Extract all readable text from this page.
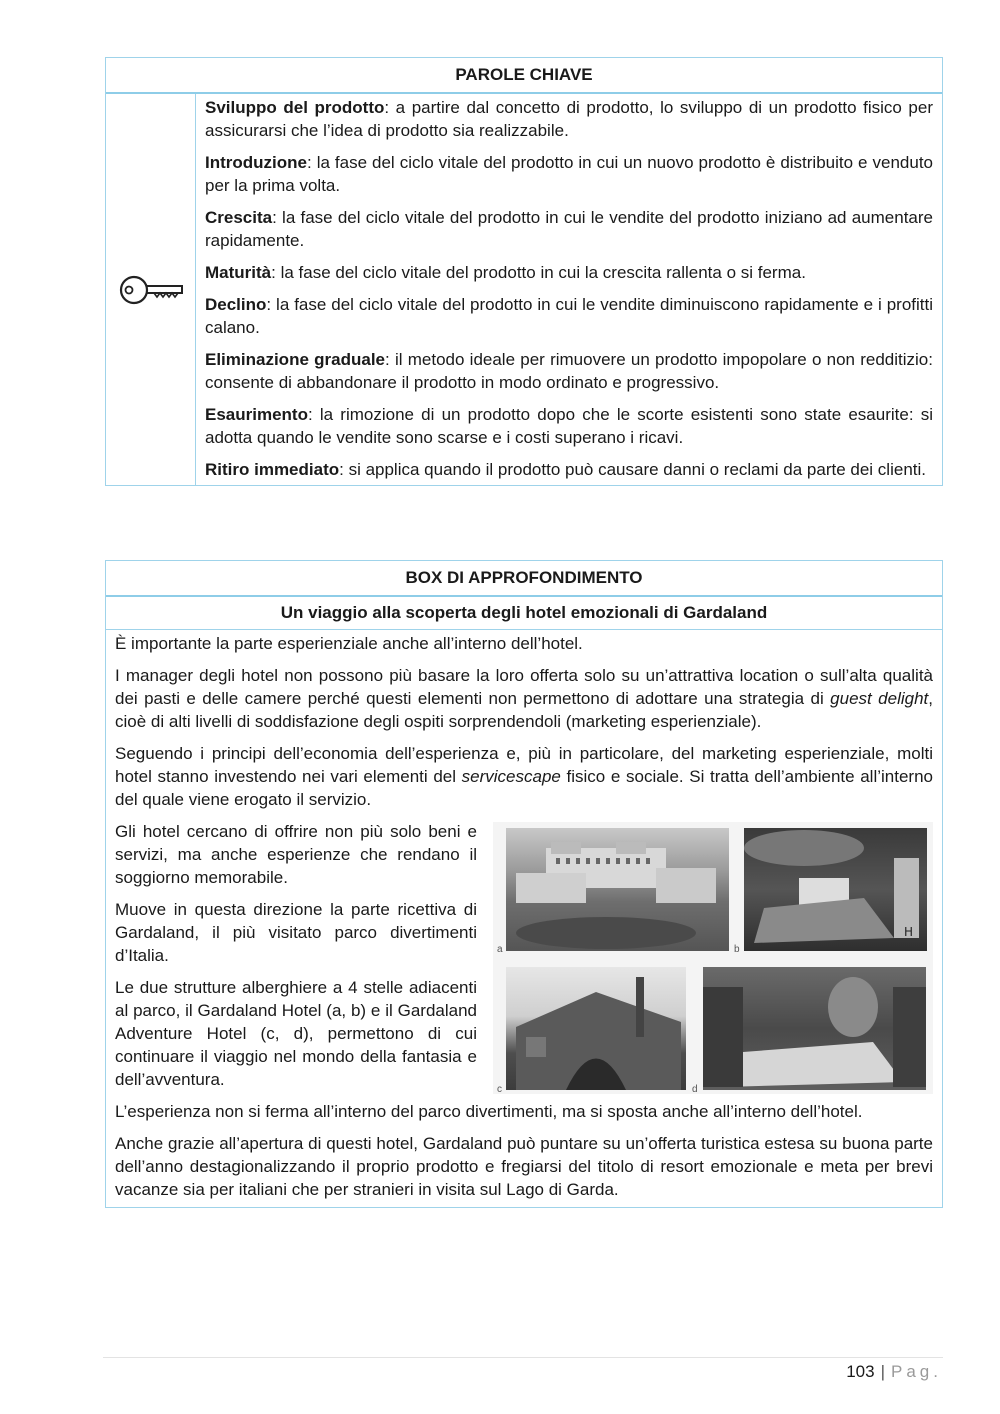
PAROLE CHIAVE

Sviluppo del prodotto: a partire dal concetto di prodotto, lo sviluppo di un prodotto fisico per assicurarsi che l’idea di prodotto sia realizzabile.

Introduzione: la fase del ciclo vitale del prodotto in cui un nuovo prodotto è distribuito e venduto per la prima volta.

Crescita: la fase del ciclo vitale del prodotto in cui le vendite del prodotto iniziano ad aumentare rapidamente.

Maturità: la fase del ciclo vitale del prodotto in cui la crescita rallenta o si ferma.

Declino: la fase del ciclo vitale del prodotto in cui le vendite diminuiscono rapidamente e i profitti calano.

Eliminazione graduale: il metodo ideale per rimuovere un prodotto impopolare o non redditizio: consente di abbandonare il prodotto in modo ordinato e progressivo.

Esaurimento: la rimozione di un prodotto dopo che le scorte esistenti sono state esaurite: si adotta quando le vendite sono scarse e i costi superano i ricavi.

Ritiro immediato: si applica quando il prodotto può causare danni o reclami da parte dei clienti.

BOX DI APPROFONDIMENTO
Un viaggio alla scoperta degli hotel emozionali di Gardaland

È importante la parte esperienziale anche all’interno dell’hotel.

I manager degli hotel non possono più basare la loro offerta solo su un’attrattiva location o sull’alta qualità dei pasti e delle camere perché questi elementi non permettono di adottare una strategia di guest delight, cioè di alti livelli di soddisfazione degli ospiti sorprendendoli (marketing esperienziale).

Seguendo i principi dell’economia dell’esperienza e, più in particolare, del marketing esperienziale, molti hotel stanno investendo nei vari elementi del servicescape fisico e sociale. Si tratta dell’ambiente all’interno del quale viene erogato il servizio.

Gli hotel cercano di offrire non più solo beni e servizi, ma anche esperienze che rendano il soggiorno memorabile.

Muove in questa direzione la parte ricettiva di Gardaland, il più visitato parco divertimenti d’Italia.

Le due strutture alberghiere a 4 stelle adiacenti al parco, il Gardaland Hotel (a, b) e il Gardaland Adventure Hotel (c, d), permettono di cui continuare il viaggio nel mondo della fantasia e dell’avventura.

a
H
b
c	d

L’esperienza non si ferma all’interno del parco divertimenti, ma si sposta anche all’interno dell’hotel.

Anche grazie all’apertura di questi hotel, Gardaland può puntare su un’offerta turistica estesa su buona parte dell’anno destagionalizzando il proprio prodotto e fregiarsi del titolo di resort emozionale e meta per brevi vacanze sia per italiani che per stranieri in visita sul Lago di Garda.

103 | Pag.
